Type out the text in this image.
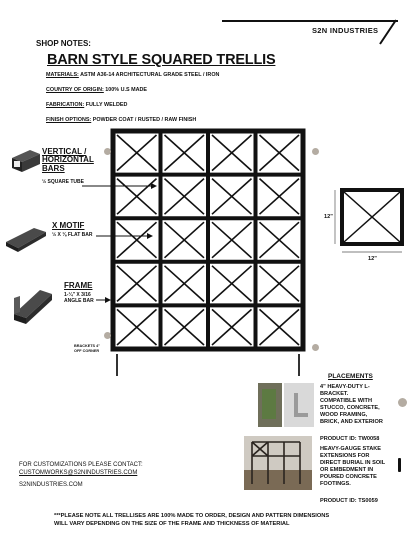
S2N INDUSTRIES
SHOP NOTES:
BARN STYLE SQUARED TRELLIS
MATERIALS: ASTM A36-14 ARCHITECTURAL GRADE STEEL / IRON
COUNTRY OF ORIGIN: 100% U.S MADE
FABRICATION: FULLY WELDED
FINISH OPTIONS: POWDER COAT / RUSTED / RAW FINISH
BRACKETS 4"
OFF CORNER
VERTICAL /
HORIZONTAL
BARS
½ SQUARE TUBE
X MOTIF
½ X ⅛ FLAT BAR
FRAME
1-¼" X 3/16
ANGLE BAR
12"
12"
PLACEMENTS
4" HEAVY-DUTY L-
BRACKET.
COMPATIBLE WITH
STUCCO, CONCRETE,
WOOD FRAMING,
BRICK, AND EXTERIOR
PRODUCT ID: TW0058
HEAVY-GAUGE STAKE
EXTENSIONS FOR
DIRECT BURIAL IN SOIL
OR EMBEDMENT IN
POURED CONCRETE
FOOTINGS.
PRODUCT ID: TS0059
FOR CUSTOMIZATIONS PLEASE CONTACT:
CUSTOMWORKS@S2NINDUSTRIES.COM
S2NINDUSTRIES.COM
***PLEASE NOTE ALL TRELLISES ARE 100% MADE TO ORDER, DESIGN AND PATTERN DIMENSIONS
WILL VARY DEPENDING ON THE SIZE OF THE FRAME AND THICKNESS OF MATERIAL
